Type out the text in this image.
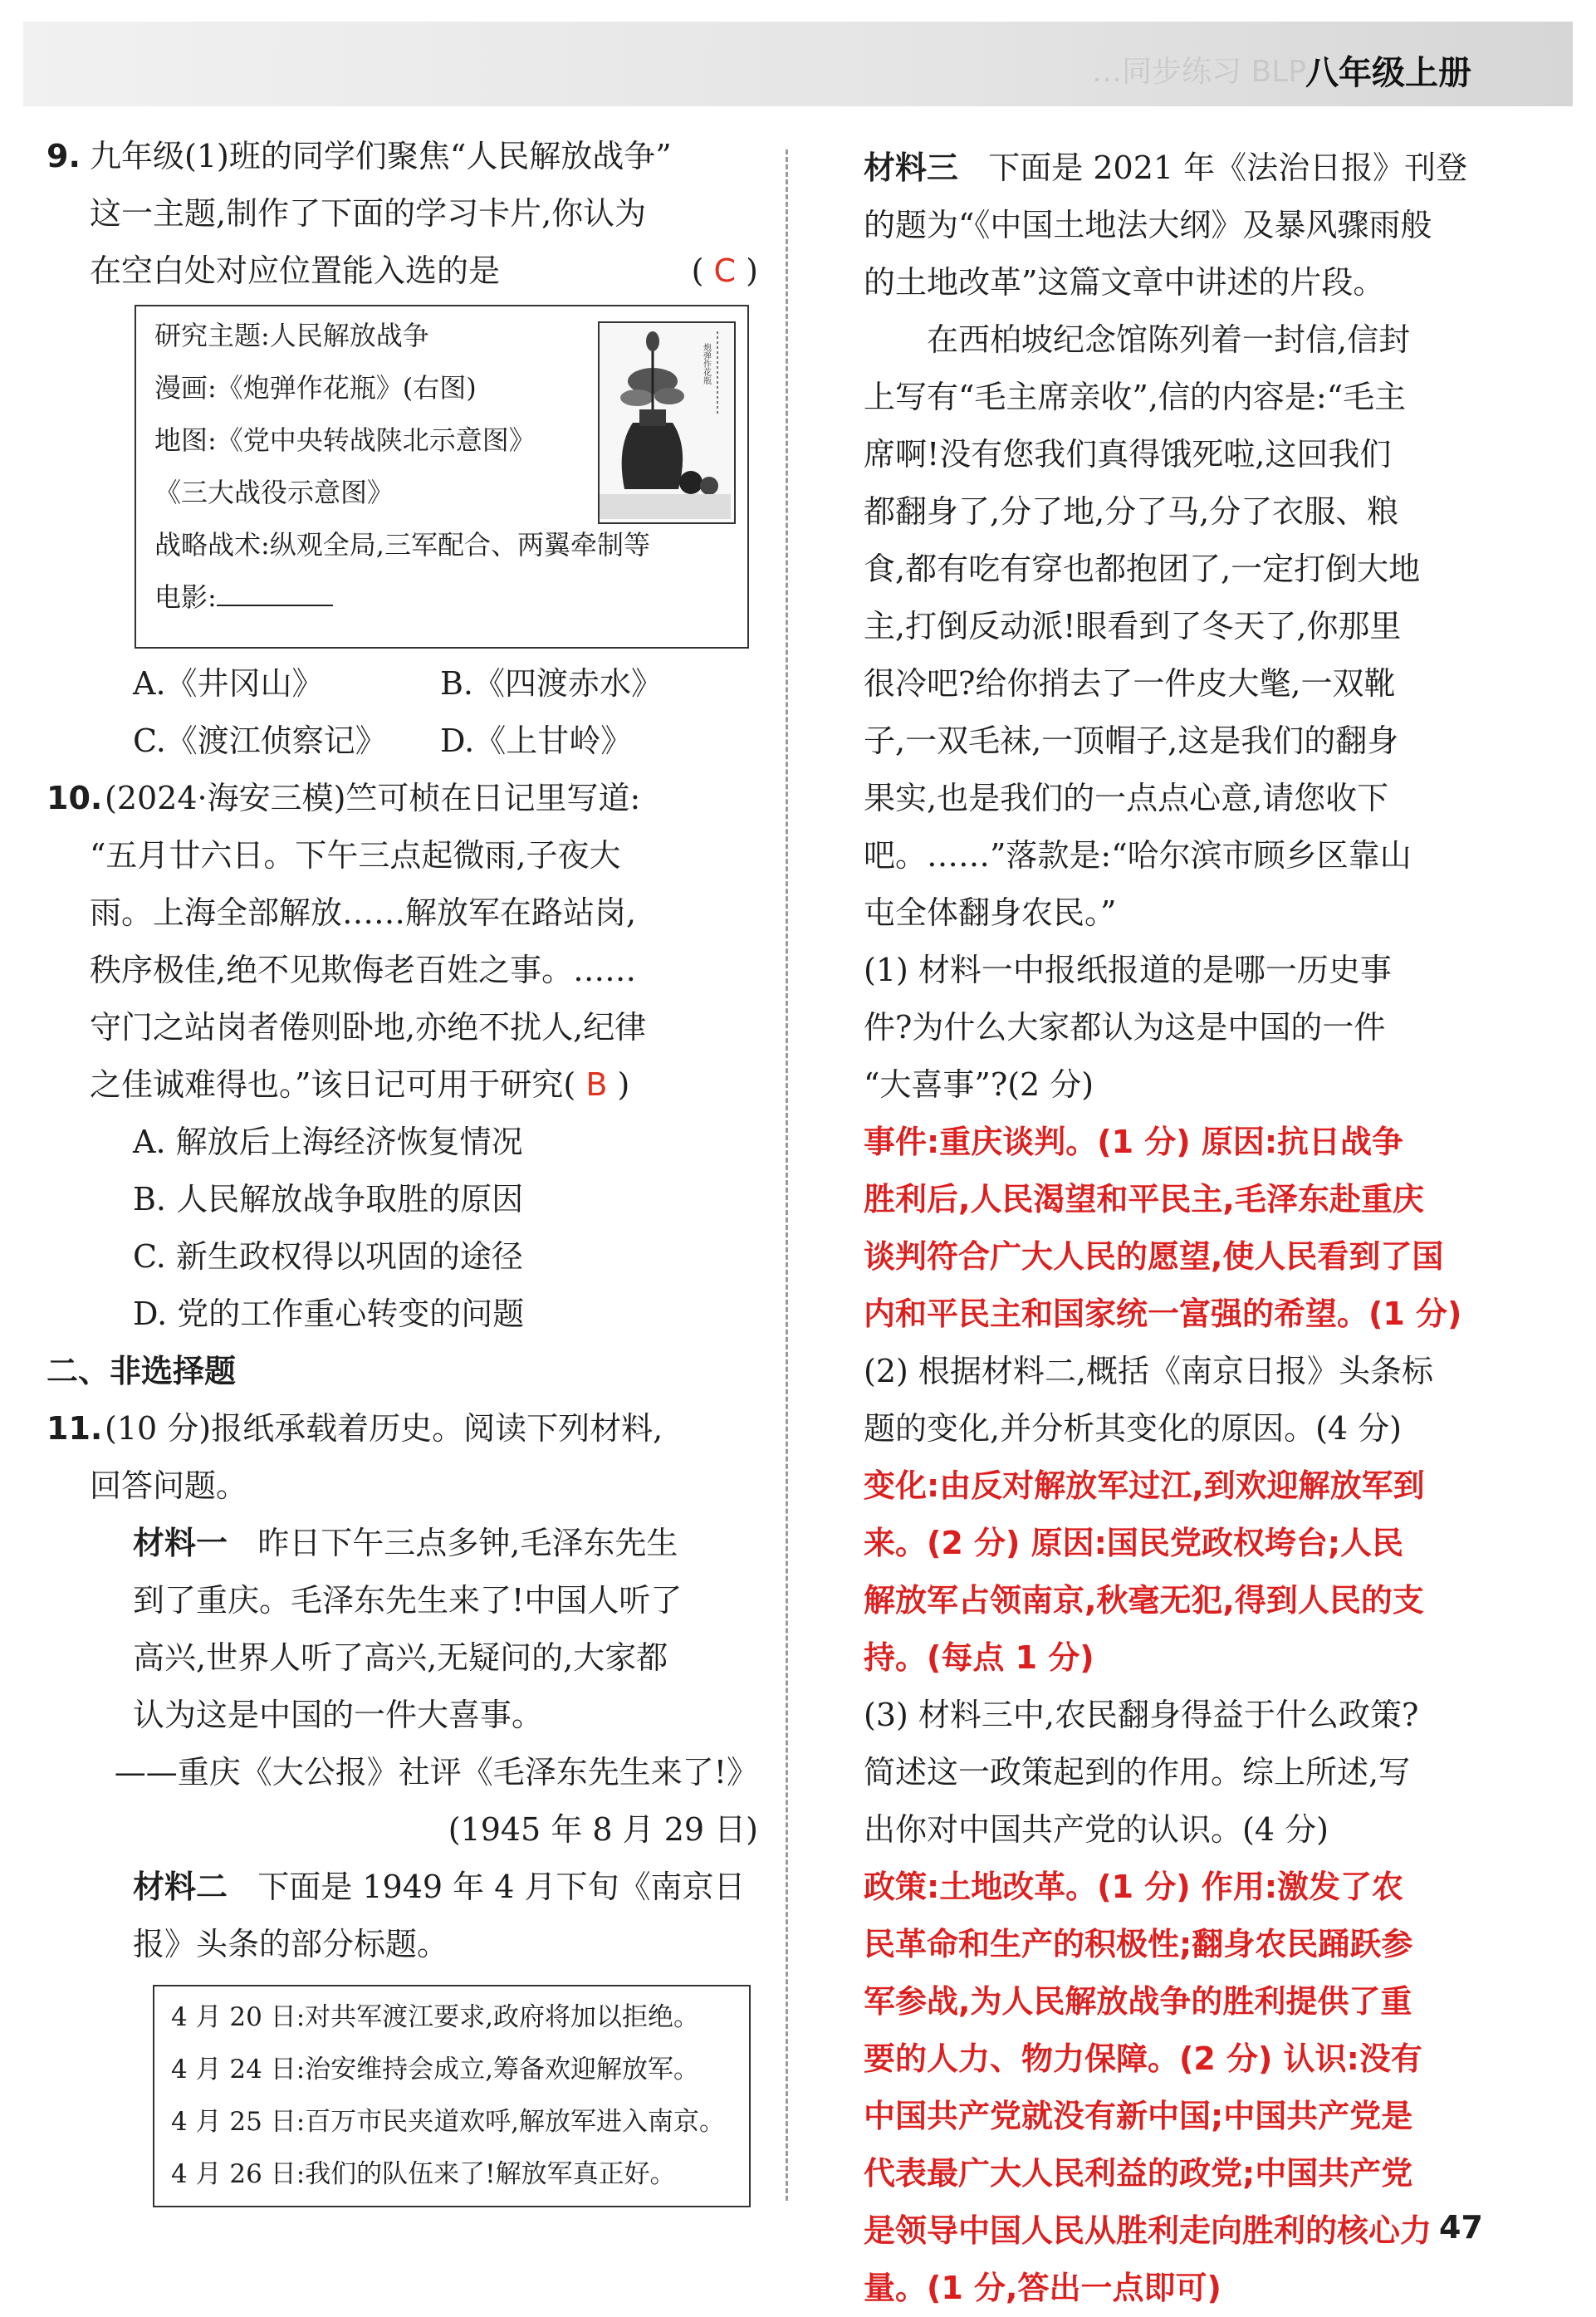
…同步练习 BLP 八年级上册
9. 九年级(1)班的同学们聚焦“人民解放战争”
这一主题,制作了下面的学习卡片,你认为
在空白处对应位置能入选的是	( C )
研究主题:人民解放战争
漫画:《炮弹作花瓶》(右图)
地图:《党中央转战陕北示意图》
《三大战役示意图》
战略战术:纵观全局,三军配合、两翼牵制等
电影:
炮弹作花瓶
A.《井冈山》	B.《四渡赤水》
C.《渡江侦察记》	D.《上甘岭》
10.(2024·海安三模)竺可桢在日记里写道:
“五月廿六日。下午三点起微雨,子夜大
雨。上海全部解放……解放军在路站岗,
秩序极佳,绝不见欺侮老百姓之事。……
守门之站岗者倦则卧地,亦绝不扰人,纪律
之佳诚难得也。”该日记可用于研究( B )
A. 解放后上海经济恢复情况
B. 人民解放战争取胜的原因
C. 新生政权得以巩固的途径
D. 党的工作重心转变的问题
二、非选择题
11.(10 分)报纸承载着历史。阅读下列材料,
回答问题。
材料一 昨日下午三点多钟,毛泽东先生
到了重庆。毛泽东先生来了!中国人听了
高兴,世界人听了高兴,无疑问的,大家都
认为这是中国的一件大喜事。
——重庆《大公报》社评《毛泽东先生来了!》
(1945 年 8 月 29 日)
材料二 下面是 1949 年 4 月下旬《南京日
报》头条的部分标题。
4 月 20 日:对共军渡江要求,政府将加以拒绝。
4 月 24 日:治安维持会成立,筹备欢迎解放军。
4 月 25 日:百万市民夹道欢呼,解放军进入南京。
4 月 26 日:我们的队伍来了!解放军真正好。
材料三 下面是 2021 年《法治日报》刊登
的题为“《中国土地法大纲》及暴风骤雨般
的土地改革”这篇文章中讲述的片段。
在西柏坡纪念馆陈列着一封信,信封
上写有“毛主席亲收”,信的内容是:“毛主
席啊!没有您我们真得饿死啦,这回我们
都翻身了,分了地,分了马,分了衣服、粮
食,都有吃有穿也都抱团了,一定打倒大地
主,打倒反动派!眼看到了冬天了,你那里
很冷吧?给你捎去了一件皮大氅,一双靴
子,一双毛袜,一顶帽子,这是我们的翻身
果实,也是我们的一点点心意,请您收下
吧。……”落款是:“哈尔滨市顾乡区靠山
屯全体翻身农民。”
(1) 材料一中报纸报道的是哪一历史事
件?为什么大家都认为这是中国的一件
“大喜事”?(2 分)
事件:重庆谈判。(1 分) 原因:抗日战争
胜利后,人民渴望和平民主,毛泽东赴重庆
谈判符合广大人民的愿望,使人民看到了国
内和平民主和国家统一富强的希望。(1 分)
(2) 根据材料二,概括《南京日报》头条标
题的变化,并分析其变化的原因。(4 分)
变化:由反对解放军过江,到欢迎解放军到
来。(2 分) 原因:国民党政权垮台;人民
解放军占领南京,秋毫无犯,得到人民的支
持。(每点 1 分)
(3) 材料三中,农民翻身得益于什么政策?
简述这一政策起到的作用。综上所述,写
出你对中国共产党的认识。(4 分)
政策:土地改革。(1 分) 作用:激发了农
民革命和生产的积极性;翻身农民踊跃参
军参战,为人民解放战争的胜利提供了重
要的人力、物力保障。(2 分) 认识:没有
中国共产党就没有新中国;中国共产党是
代表最广大人民利益的政党;中国共产党
是领导中国人民从胜利走向胜利的核心力
量。(1 分,答出一点即可)
47
